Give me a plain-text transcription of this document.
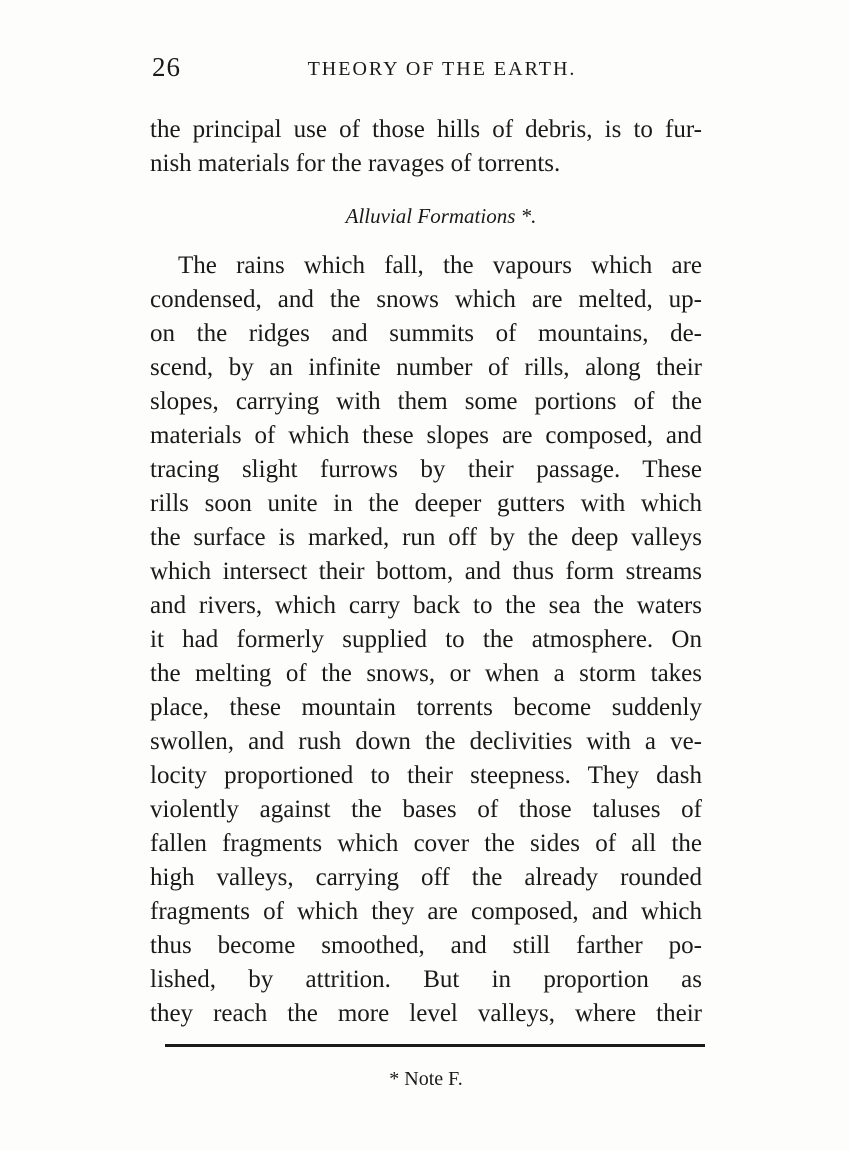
26	THEORY OF THE EARTH.
the principal use of those hills of debris, is to fur-
nish materials for the ravages of torrents.
Alluvial Formations *.
The rains which fall, the vapours which are
condensed, and the snows which are melted, up-
on the ridges and summits of mountains, de-
scend, by an infinite number of rills, along their
slopes, carrying with them some portions of the
materials of which these slopes are composed, and
tracing slight furrows by their passage. These
rills soon unite in the deeper gutters with which
the surface is marked, run off by the deep valleys
which intersect their bottom, and thus form streams
and rivers, which carry back to the sea the waters
it had formerly supplied to the atmosphere. On
the melting of the snows, or when a storm takes
place, these mountain torrents become suddenly
swollen, and rush down the declivities with a ve-
locity proportioned to their steepness. They dash
violently against the bases of those taluses of
fallen fragments which cover the sides of all the
high valleys, carrying off the already rounded
fragments of which they are composed, and which
thus become smoothed, and still farther po-
lished, by attrition. But in proportion as
they reach the more level valleys, where their
* Note F.
